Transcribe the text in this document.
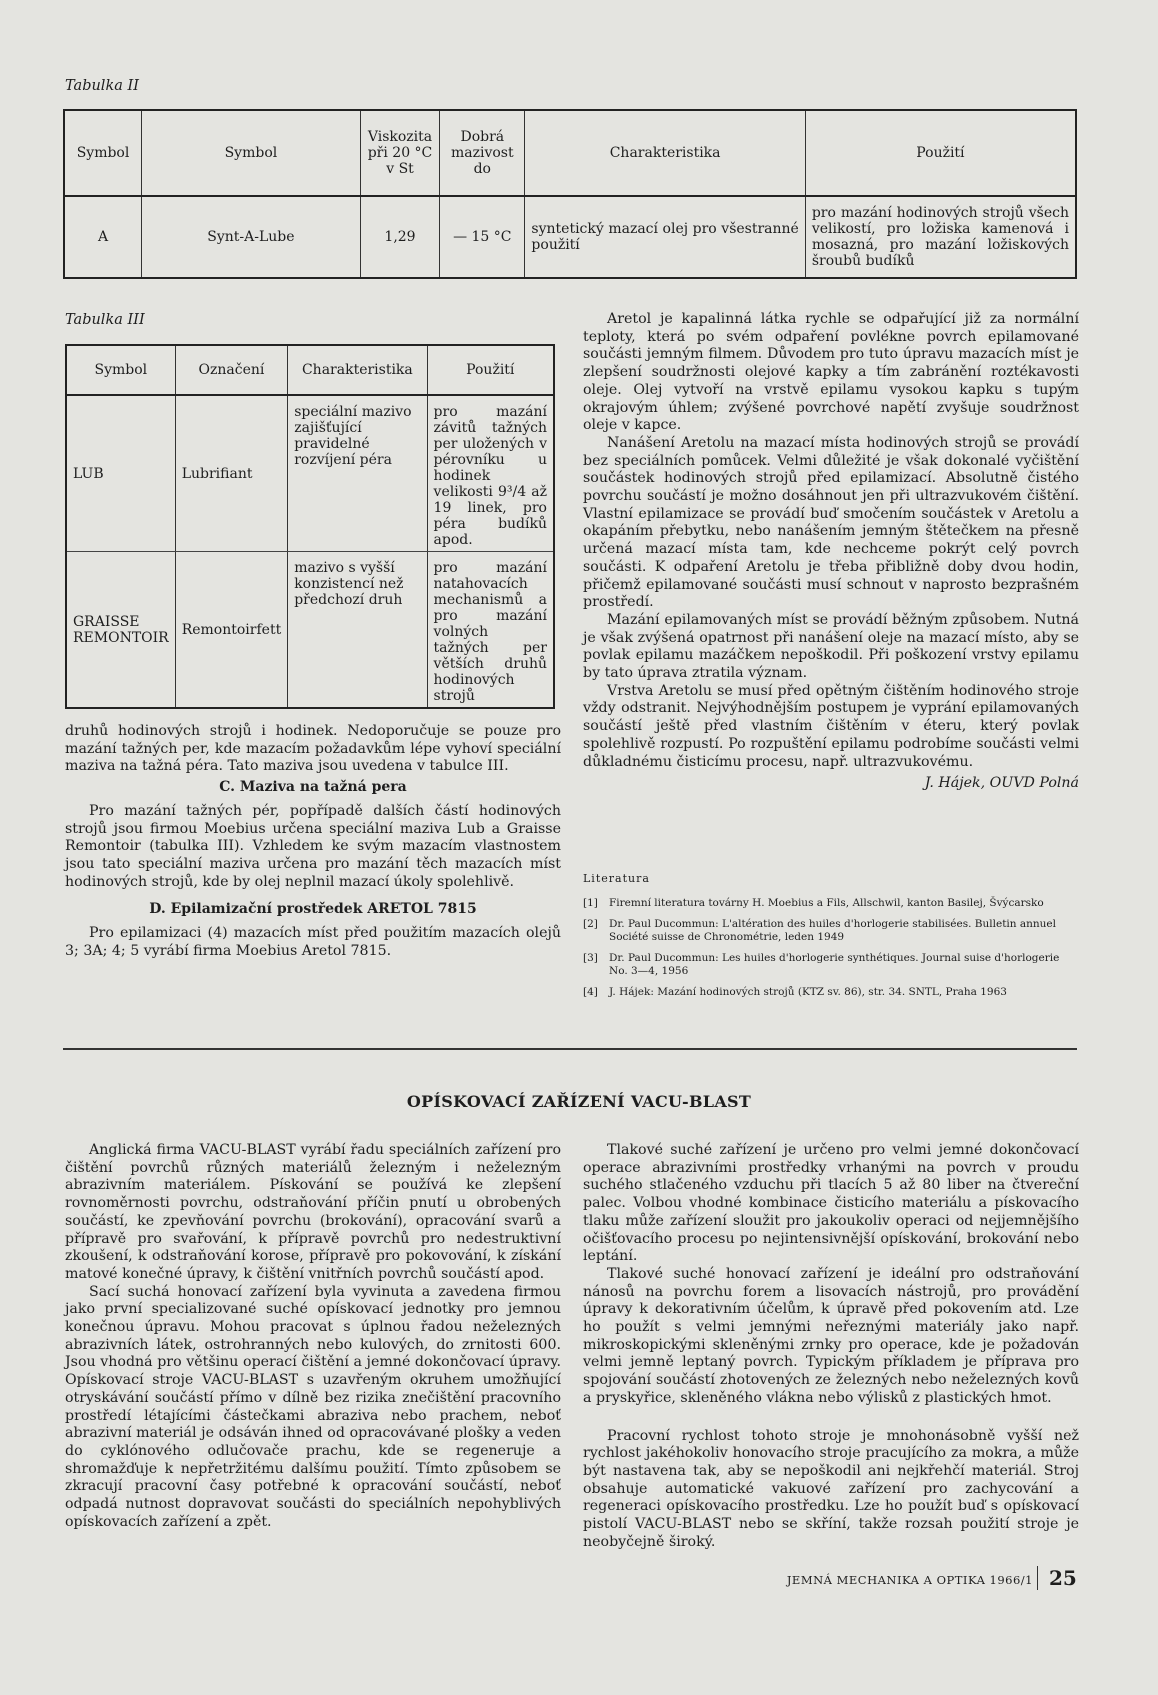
Tabulka II
Symbol	Symbol	Viskozita při 20 °C v St	Dobrá mazivost do	Charakteristika	Použití
A	Synt-A-Lube	1,29	— 15 °C	syntetický mazací olej pro všestranné použití	pro mazání hodinových strojů všech velikostí, pro ložiska kamenová i mosazná, pro mazání ložiskových šroubů budíků
Tabulka III
Symbol	Označení	Charakteristika	Použití
LUB	Lubrifiant	speciální mazivo zajišťující pravidelné rozvíjení péra	pro mazání závitů tažných per uložených v pérovníku u hodinek velikosti 9³/4 až 19 linek, pro péra budíků apod.
GRAISSE REMONTOIR	Remontoirfett	mazivo s vyšší konzistencí než předchozí druh	pro mazání natahovacích mechanismů a pro mazání volných tažných per větších druhů hodinových strojů

druhů hodinových strojů i hodinek. Nedoporučuje se pouze pro mazání tažných per, kde mazacím požadavkům lépe vyhoví speciální maziva na tažná péra. Tato maziva jsou uvedena v tabulce III.

C. Maziva na tažná pera

Pro mazání tažných pér, popřípadě dalších částí hodinových strojů jsou firmou Moebius určena speciální maziva Lub a Graisse Remontoir (tabulka III). Vzhledem ke svým mazacím vlastnostem jsou tato speciální maziva určena pro mazání těch mazacích míst hodinových strojů, kde by olej neplnil mazací úkoly spolehlivě.

D. Epilamizační prostředek ARETOL 7815

Pro epilamizaci (4) mazacích míst před použitím mazacích olejů 3; 3A; 4; 5 vyrábí firma Moebius Aretol 7815.

Aretol je kapalinná látka rychle se odpařující již za normální teploty, která po svém odpaření povlékne povrch epilamované součásti jemným filmem. Důvodem pro tuto úpravu mazacích míst je zlepšení soudržnosti olejové kapky a tím zabránění roztékavosti oleje. Olej vytvoří na vrstvě epilamu vysokou kapku s tupým okrajovým úhlem; zvýšené povrchové napětí zvyšuje soudržnost oleje v kapce.

Nanášení Aretolu na mazací místa hodinových strojů se provádí bez speciálních pomůcek. Velmi důležité je však dokonalé vyčištění součástek hodinových strojů před epilamizací. Absolutně čistého povrchu součástí je možno dosáhnout jen při ultrazvukovém čištění. Vlastní epilamizace se provádí buď smočením součástek v Aretolu a okapáním přebytku, nebo nanášením jemným štětečkem na přesně určená mazací místa tam, kde nechceme pokrýt celý povrch součásti. K odpaření Aretolu je třeba přibližně doby dvou hodin, přičemž epilamované součásti musí schnout v naprosto bezprašném prostředí.

Mazání epilamovaných míst se provádí běžným způsobem. Nutná je však zvýšená opatrnost při nanášení oleje na mazací místo, aby se povlak epilamu mazáčkem nepoškodil. Při poškození vrstvy epilamu by tato úprava ztratila význam.

Vrstva Aretolu se musí před opětným čištěním hodinového stroje vždy odstranit. Nejvýhodnějším postupem je vyprání epilamovaných součástí ještě před vlastním čištěním v éteru, který povlak spolehlivě rozpustí. Po rozpuštění epilamu podrobíme součásti velmi důkladnému čisticímu procesu, např. ultrazvukovému.

J. Hájek, OUVD Polná
Literatura
[1] Firemní literatura továrny H. Moebius a Fils, Allschwil, kanton Basilej, Švýcarsko
[2] Dr. Paul Ducommun: L'altération des huiles d'horlogerie stabilisées. Bulletin annuel Société suisse de Chronométrie, leden 1949
[3] Dr. Paul Ducommun: Les huiles d'horlogerie synthétiques. Journal suise d'horlogerie No. 3—4, 1956
[4] J. Hájek: Mazání hodinových strojů (KTZ sv. 86), str. 34. SNTL, Praha 1963
OPÍSKOVACÍ ZAŘÍZENÍ VACU-BLAST

Anglická firma VACU-BLAST vyrábí řadu speciálních zařízení pro čištění povrchů různých materiálů železným i neželezným abrazivním materiálem. Pískování se používá ke zlepšení rovnoměrnosti povrchu, odstraňování příčin pnutí u obrobených součástí, ke zpevňování povrchu (brokování), opracování svarů a přípravě pro svařování, k přípravě povrchů pro nedestruktivní zkoušení, k odstraňování korose, přípravě pro pokovování, k získání matové konečné úpravy, k čištění vnitřních povrchů součástí apod.

Sací suchá honovací zařízení byla vyvinuta a zavedena firmou jako první specializované suché opískovací jednotky pro jemnou konečnou úpravu. Mohou pracovat s úplnou řadou neželezných abrazivních látek, ostrohranných nebo kulových, do zrnitosti 600. Jsou vhodná pro většinu operací čištění a jemné dokončovací úpravy. Opískovací stroje VACU-BLAST s uzavřeným okruhem umožňující otryskávání součástí přímo v dílně bez rizika znečištění pracovního prostředí létajícími částečkami abraziva nebo prachem, neboť abrazivní materiál je odsáván ihned od opracovávané plošky a veden do cyklónového odlučovače prachu, kde se regeneruje a shromažďuje k nepřetržitému dalšímu použití. Tímto způsobem se zkracují pracovní časy potřebné k opracování součástí, neboť odpadá nutnost dopravovat součásti do speciálních nepohyblivých opískovacích zařízení a zpět.

Tlakové suché zařízení je určeno pro velmi jemné dokončovací operace abrazivními prostředky vrhanými na povrch v proudu suchého stlačeného vzduchu při tlacích 5 až 80 liber na čtvereční palec. Volbou vhodné kombinace čisticího materiálu a pískovacího tlaku může zařízení sloužit pro jakoukoliv operaci od nejjemnějšího očišťovacího procesu po nejintensivnější opískování, brokování nebo leptání.

Tlakové suché honovací zařízení je ideální pro odstraňování nánosů na povrchu forem a lisovacích nástrojů, pro provádění úpravy k dekorativním účelům, k úpravě před pokovením atd. Lze ho použít s velmi jemnými neřeznými materiály jako např. mikroskopickými skleněnými zrnky pro operace, kde je požadován velmi jemně leptaný povrch. Typickým příkladem je příprava pro spojování součástí zhotovených ze železných nebo neželezných kovů a pryskyřice, skleněného vlákna nebo výlisků z plastických hmot.

Pracovní rychlost tohoto stroje je mnohonásobně vyšší než rychlost jakéhokoliv honovacího stroje pracujícího za mokra, a může být nastavena tak, aby se nepoškodil ani nejkřehčí materiál. Stroj obsahuje automatické vakuové zařízení pro zachycování a regeneraci opískovacího prostředku. Lze ho použít buď s opískovací pistolí VACU-BLAST nebo se skříní, takže rozsah použití stroje je neobyčejně široký.

JEMNÁ MECHANIKA A OPTIKA 1966/1 25
